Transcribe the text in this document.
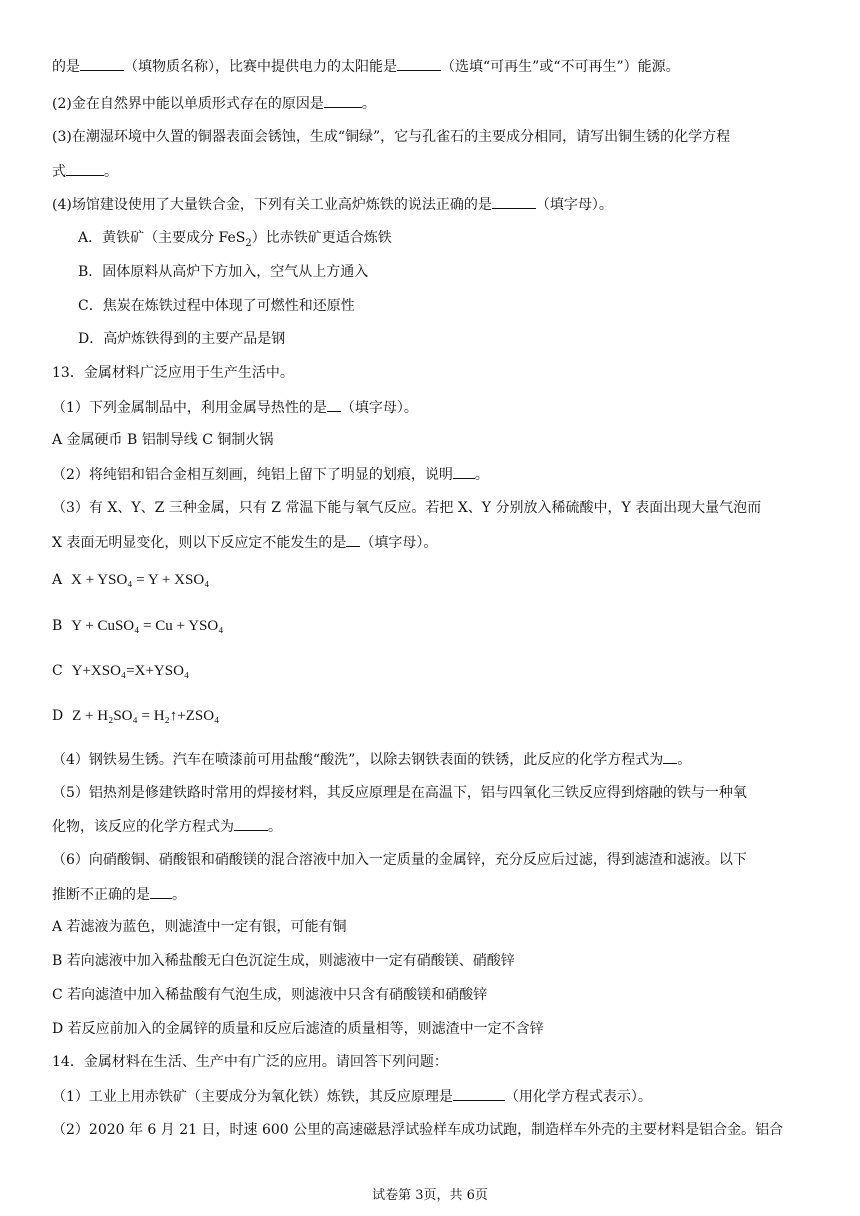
的是	（填物质名称），比赛中提供电力的太阳能是	（选填“可再生”或“不可再生”）能源。
(2)金在自然界中能以单质形式存在的原因是	。
(3)在潮湿环境中久置的铜器表面会锈蚀，生成“铜绿”，它与孔雀石的主要成分相同，请写出铜生锈的化学方程
式	。
(4)场馆建设使用了大量铁合金，下列有关工业高炉炼铁的说法正确的是	（填字母）。
A．黄铁矿（主要成分 FeS$_2$）比赤铁矿更适合炼铁
B．固体原料从高炉下方加入，空气从上方通入
C．焦炭在炼铁过程中体现了可燃性和还原性
D．高炉炼铁得到的主要产品是钢
13．金属材料广泛应用于生产生活中。
（1）下列金属制品中，利用金属导热性的是 （填字母）。
A 金属硬币 B 铝制导线 C 铜制火锅
（2）将纯铝和铝合金相互刻画，纯铝上留下了明显的划痕，说明 。
（3）有 X、Y、Z 三种金属，只有 Z 常温下能与氧气反应。若把 X、Y 分别放入稀硫酸中，Y 表面出现大量气泡而
X 表面无明显变化，则以下反应定不能发生的是 （填字母）。
A X + YSO₄ = Y + XSO₄
B Y + CuSO₄ = Cu + YSO₄
C Y+XSO₄=X+YSO₄
D Z + H₂SO₄ = H₂↑+ZSO₄
（4）钢铁易生锈。汽车在喷漆前可用盐酸“酸洗”，以除去钢铁表面的铁锈，此反应的化学方程式为 。
（5）铝热剂是修建铁路时常用的焊接材料，其反应原理是在高温下，铝与四氧化三铁反应得到熔融的铁与一种氧
化物，该反应的化学方程式为 。
（6）向硝酸铜、硝酸银和硝酸镁的混合溶液中加入一定质量的金属锌，充分反应后过滤，得到滤渣和滤液。以下
推断不正确的是 。
A 若滤液为蓝色，则滤渣中一定有银，可能有铜
B 若向滤液中加入稀盐酸无白色沉淀生成，则滤液中一定有硝酸镁、硝酸锌
C 若向滤渣中加入稀盐酸有气泡生成，则滤液中只含有硝酸镁和硝酸锌
D 若反应前加入的金属锌的质量和反应后滤渣的质量相等，则滤渣中一定不含锌
14．金属材料在生活、生产中有广泛的应用。请回答下列问题：
（1）工业上用赤铁矿（主要成分为氧化铁）炼铁，其反应原理是	（用化学方程式表示）。
（2）2020 年 6 月 21 日，时速 600 公里的高速磁悬浮试验样车成功试跑，制造样车外壳的主要材料是铝合金。铝合
试卷第 3页，共 6页
